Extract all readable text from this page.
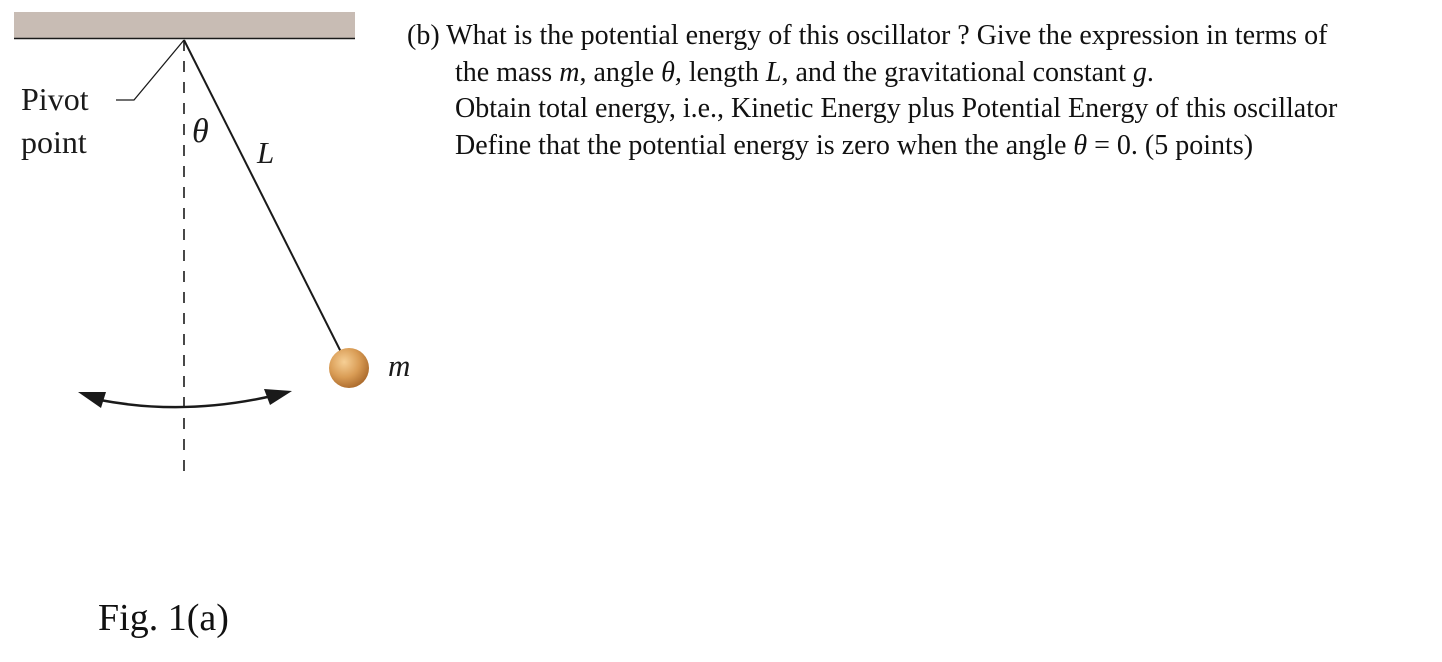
Pivot
point	θ
L
m
Fig. 1(a)
(b) What is the potential energy of this oscillator ? Give the expression in terms of
the mass m, angle θ, length L, and the gravitational constant g.
Obtain total energy, i.e., Kinetic Energy plus Potential Energy of this oscillator
Define that the potential energy is zero when the angle θ = 0. (5 points)
